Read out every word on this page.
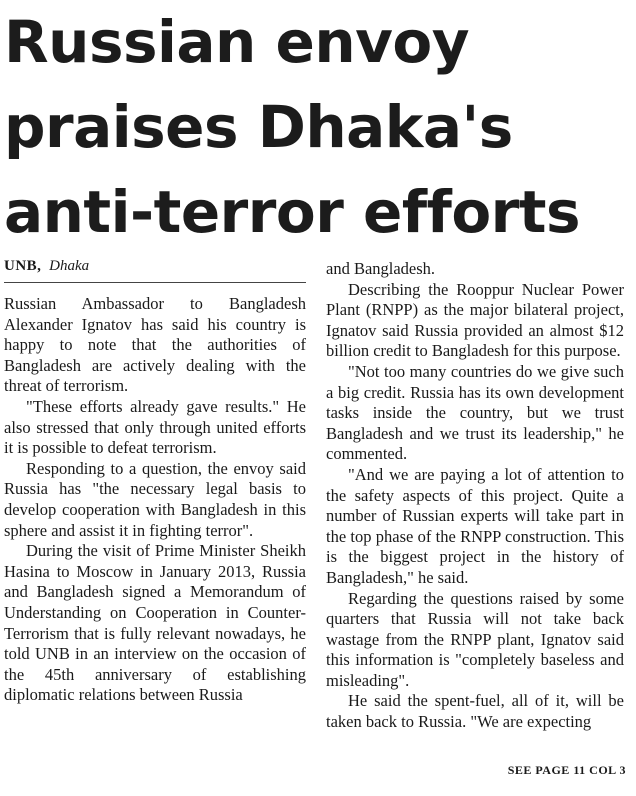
Russian envoy
praises Dhaka's
anti-terror efforts
UNB, Dhaka

Russian Ambassador to Bangladesh Alexander Ignatov has said his country is happy to note that the authorities of Bangladesh are actively dealing with the threat of terrorism.

"These efforts already gave results." He also stressed that only through united efforts it is possible to defeat terrorism.

Responding to a question, the envoy said Russia has "the necessary legal basis to develop cooperation with Bangladesh in this sphere and assist it in fighting terror".

During the visit of Prime Minister Sheikh Hasina to Moscow in January 2013, Russia and Bangladesh signed a Memorandum of Understanding on Cooperation in Counter-Terrorism that is fully relevant nowadays, he told UNB in an interview on the occasion of the 45th anniversary of establishing diplomatic relations between Russia

and Bangladesh.

Describing the Rooppur Nuclear Power Plant (RNPP) as the major bilateral project, Ignatov said Russia provided an almost $12 billion credit to Bangladesh for this purpose.

"Not too many countries do we give such a big credit. Russia has its own development tasks inside the country, but we trust Bangladesh and we trust its leadership," he commented.

"And we are paying a lot of attention to the safety aspects of this project. Quite a number of Russian experts will take part in the top phase of the RNPP construction. This is the biggest project in the history of Bangladesh," he said.

Regarding the questions raised by some quarters that Russia will not take back wastage from the RNPP plant, Ignatov said this information is "completely baseless and misleading".

He said the spent-fuel, all of it, will be taken back to Russia. "We are expecting

SEE PAGE 11 COL 3
